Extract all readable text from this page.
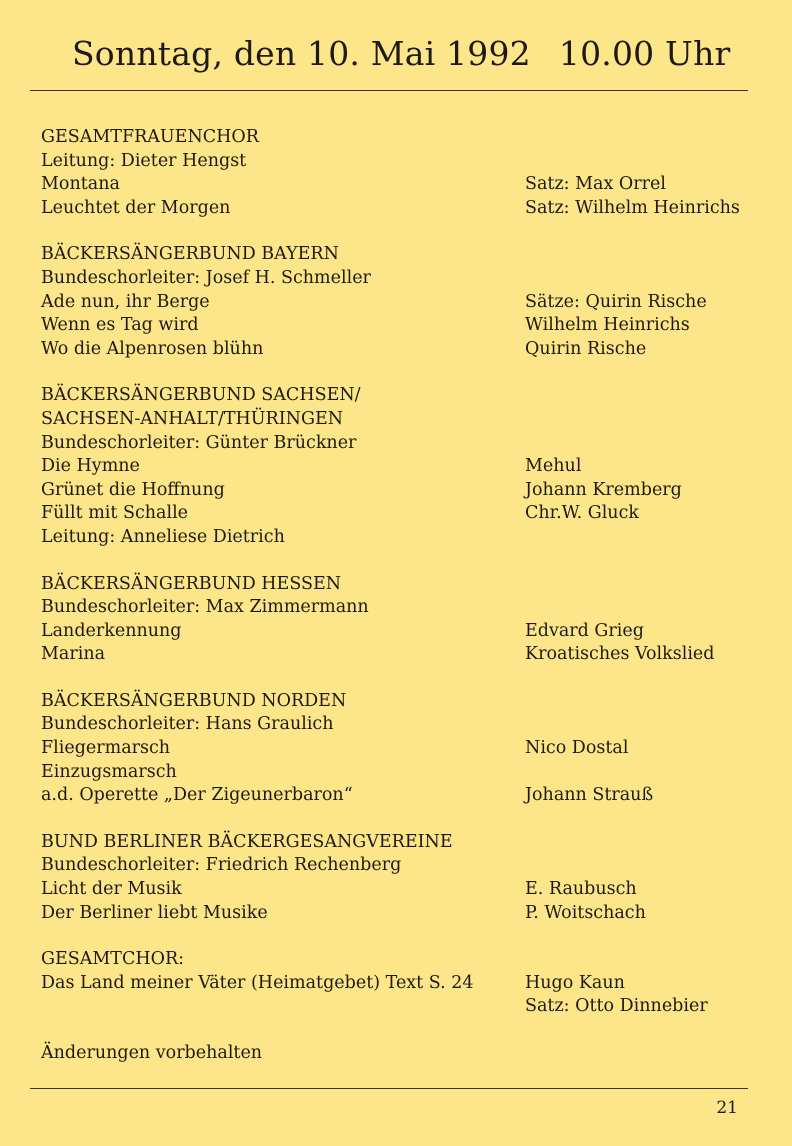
Sonntag, den 10. Mai 1992 10.00 Uhr
GESAMTFRAUENCHOR
Leitung: Dieter Hengst
Montana	Satz: Max Orrel
Leuchtet der Morgen	Satz: Wilhelm Heinrichs
BÄCKERSÄNGERBUND BAYERN
Bundeschorleiter: Josef H. Schmeller
Ade nun, ihr Berge	Sätze: Quirin Rische
Wenn es Tag wird	Wilhelm Heinrichs
Wo die Alpenrosen blühn	Quirin Rische
BÄCKERSÄNGERBUND SACHSEN/
SACHSEN-ANHALT/THÜRINGEN
Bundeschorleiter: Günter Brückner
Die Hymne	Mehul
Grünet die Hoffnung	Johann Kremberg
Füllt mit Schalle	Chr.W. Gluck
Leitung: Anneliese Dietrich
BÄCKERSÄNGERBUND HESSEN
Bundeschorleiter: Max Zimmermann
Landerkennung	Edvard Grieg
Marina	Kroatisches Volkslied
BÄCKERSÄNGERBUND NORDEN
Bundeschorleiter: Hans Graulich
Fliegermarsch	Nico Dostal
Einzugsmarsch
a.d. Operette „Der Zigeunerbaron“	Johann Strauß
BUND BERLINER BÄCKERGESANGVEREINE
Bundeschorleiter: Friedrich Rechenberg
Licht der Musik	E. Raubusch
Der Berliner liebt Musike	P. Woitschach
GESAMTCHOR:
Das Land meiner Väter (Heimatgebet) Text S. 24	Hugo Kaun
Satz: Otto Dinnebier
Änderungen vorbehalten
21
